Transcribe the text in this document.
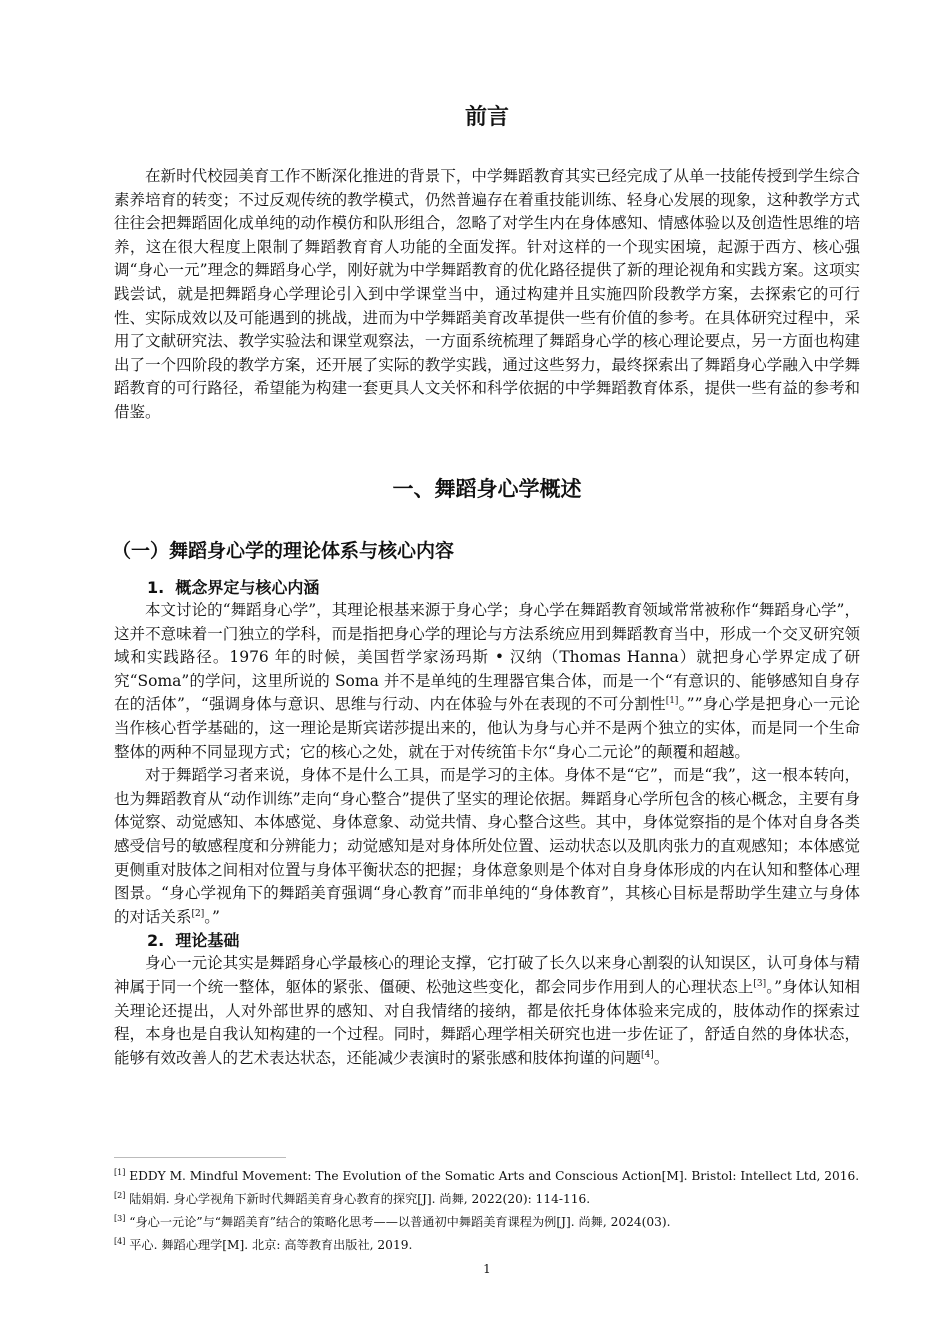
前言

在新时代校园美育工作不断深化推进的背景下，中学舞蹈教育其实已经完成了从单一技能传授到学生综合素养培育的转变；不过反观传统的教学模式，仍然普遍存在着重技能训练、轻身心发展的现象，这种教学方式往往会把舞蹈固化成单纯的动作模仿和队形组合，忽略了对学生内在身体感知、情感体验以及创造性思维的培养，这在很大程度上限制了舞蹈教育育人功能的全面发挥。针对这样的一个现实困境，起源于西方、核心强调“身心一元”理念的舞蹈身心学，刚好就为中学舞蹈教育的优化路径提供了新的理论视角和实践方案。这项实践尝试，就是把舞蹈身心学理论引入到中学课堂当中，通过构建并且实施四阶段教学方案，去探索它的可行性、实际成效以及可能遇到的挑战，进而为中学舞蹈美育改革提供一些有价值的参考。在具体研究过程中，采用了文献研究法、教学实验法和课堂观察法，一方面系统梳理了舞蹈身心学的核心理论要点，另一方面也构建出了一个四阶段的教学方案，还开展了实际的教学实践，通过这些努力，最终探索出了舞蹈身心学融入中学舞蹈教育的可行路径，希望能为构建一套更具人文关怀和科学依据的中学舞蹈教育体系，提供一些有益的参考和借鉴。

一、舞蹈身心学概述
（一）舞蹈身心学的理论体系与核心内容
1.  概念界定与核心内涵

本文讨论的“舞蹈身心学”，其理论根基来源于身心学；身心学在舞蹈教育领域常常被称作“舞蹈身心学”，这并不意味着一门独立的学科，而是指把身心学的理论与方法系统应用到舞蹈教育当中，形成一个交叉研究领域和实践路径。1976 年的时候，美国哲学家汤玛斯 • 汉纳（Thomas Hanna）就把身心学界定成了研究“Soma”的学问，这里所说的 Soma 并不是单纯的生理器官集合体，而是一个“有意识的、能够感知自身存在的活体”，“强调身体与意识、思维与行动、内在体验与外在表现的不可分割性[1]。””身心学是把身心一元论当作核心哲学基础的，这一理论是斯宾诺莎提出来的，他认为身与心并不是两个独立的实体，而是同一个生命整体的两种不同显现方式；它的核心之处，就在于对传统笛卡尔“身心二元论”的颠覆和超越。

对于舞蹈学习者来说，身体不是什么工具，而是学习的主体。身体不是“它”，而是“我”，这一根本转向，也为舞蹈教育从“动作训练”走向“身心整合”提供了坚实的理论依据。舞蹈身心学所包含的核心概念，主要有身体觉察、动觉感知、本体感觉、身体意象、动觉共情、身心整合这些。其中，身体觉察指的是个体对自身各类感受信号的敏感程度和分辨能力；动觉感知是对身体所处位置、运动状态以及肌肉张力的直观感知；本体感觉更侧重对肢体之间相对位置与身体平衡状态的把握；身体意象则是个体对自身身体形成的内在认知和整体心理图景。“身心学视角下的舞蹈美育强调“身心教育”而非单纯的“身体教育”，其核心目标是帮助学生建立与身体的对话关系[2]。”

2.  理论基础

身心一元论其实是舞蹈身心学最核心的理论支撑，它打破了长久以来身心割裂的认知误区，认可身体与精神属于同一个统一整体，躯体的紧张、僵硬、松弛这些变化，都会同步作用到人的心理状态上[3]。”身体认知相关理论还提出，人对外部世界的感知、对自我情绪的接纳，都是依托身体体验来完成的，肢体动作的探索过程，本身也是自我认知构建的一个过程。同时，舞蹈心理学相关研究也进一步佐证了，舒适自然的身体状态，能够有效改善人的艺术表达状态，还能减少表演时的紧张感和肢体拘谨的问题[4]。

[1] EDDY M. Mindful Movement: The Evolution of the Somatic Arts and Conscious Action[M]. Bristol: Intellect Ltd, 2016.

[2] 陆娟娟. 身心学视角下新时代舞蹈美育身心教育的探究[J]. 尚舞, 2022(20): 114-116.

[3] “身心一元论”与“舞蹈美育”结合的策略化思考——以普通初中舞蹈美育课程为例[J]. 尚舞, 2024(03).

[4] 平心. 舞蹈心理学[M]. 北京: 高等教育出版社, 2019.

1
